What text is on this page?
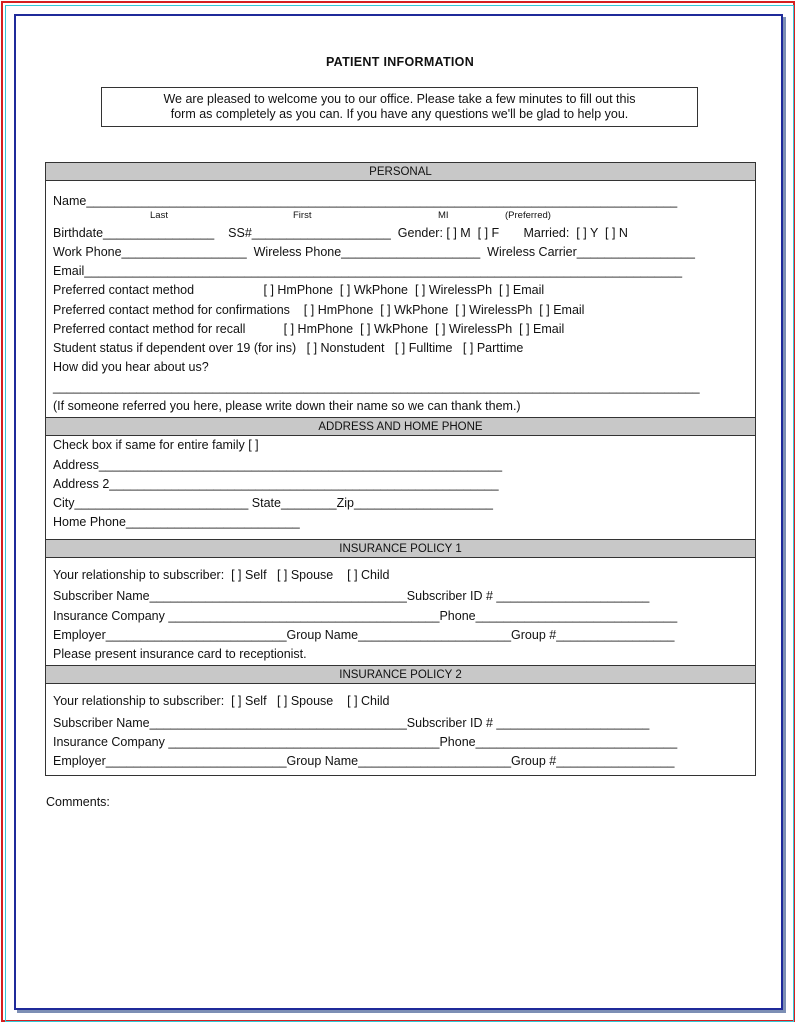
PATIENT INFORMATION
We are pleased to welcome you to our office. Please take a few minutes to fill out this
form as completely as you can. If you have any questions we'll be glad to help you.
PERSONAL
Name_____________________________________________________________________________________
Last	First	MI	(Preferred)
Birthdate________________    SS#____________________  Gender: [ ] M  [ ] F       Married:  [ ] Y  [ ] N
Work Phone__________________  Wireless Phone____________________  Wireless Carrier_________________
Email______________________________________________________________________________________
Preferred contact method                    [ ] HmPhone  [ ] WkPhone  [ ] WirelessPh  [ ] Email
Preferred contact method for confirmations    [ ] HmPhone  [ ] WkPhone  [ ] WirelessPh  [ ] Email
Preferred contact method for recall           [ ] HmPhone  [ ] WkPhone  [ ] WirelessPh  [ ] Email
Student status if dependent over 19 (for ins)   [ ] Nonstudent   [ ] Fulltime   [ ] Parttime
How did you hear about us?
_____________________________________________________________________________________________
(If someone referred you here, please write down their name so we can thank them.)
ADDRESS AND HOME PHONE
Check box if same for entire family [ ]
Address__________________________________________________________
Address 2________________________________________________________
City_________________________ State________Zip____________________
Home Phone_________________________
INSURANCE POLICY 1
Your relationship to subscriber:  [ ] Self   [ ] Spouse    [ ] Child
Subscriber Name_____________________________________Subscriber ID # ______________________
Insurance Company _______________________________________Phone_____________________________
Employer__________________________Group Name______________________Group #_________________
Please present insurance card to receptionist.
INSURANCE POLICY 2
Your relationship to subscriber:  [ ] Self   [ ] Spouse    [ ] Child
Subscriber Name_____________________________________Subscriber ID # ______________________
Insurance Company _______________________________________Phone_____________________________
Employer__________________________Group Name______________________Group #_________________
Comments:
